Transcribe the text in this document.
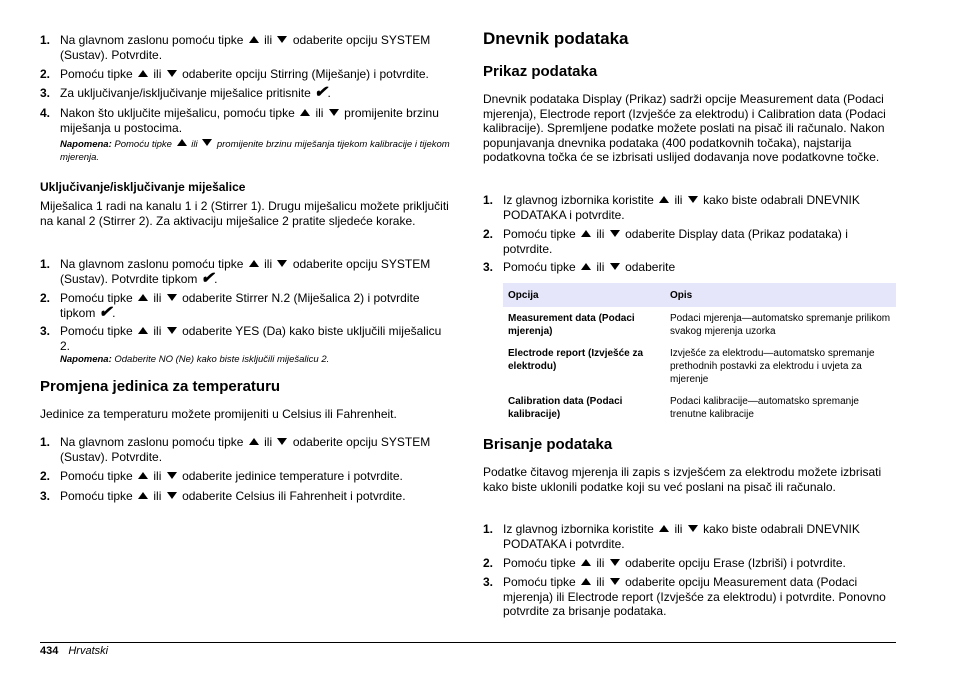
1. Na glavnom zaslonu pomoću tipke ili odaberite opciju SYSTEM (Sustav). Potvrdite.
2. Pomoću tipke ili odaberite opciju Stirring (Miješanje) i potvrdite.
3. Za uključivanje/isključivanje miješalice pritisnite ✔.
4. Nakon što uključite miješalicu, pomoću tipke ili promijenite brzinu miješanja u postocima.
Napomena: Pomoću tipke ili promijenite brzinu miješanja tijekom kalibracije i tijekom mjerenja.
Uključivanje/isključivanje miješalice
Miješalica 1 radi na kanalu 1 i 2 (Stirrer 1). Drugu miješalicu možete priključiti na kanal 2 (Stirrer 2). Za aktivaciju miješalice 2 pratite sljedeće korake.
1. Na glavnom zaslonu pomoću tipke ili odaberite opciju SYSTEM (Sustav). Potvrdite tipkom ✔.
2. Pomoću tipke ili odaberite Stirrer N.2 (Miješalica 2) i potvrdite tipkom ✔.
3. Pomoću tipke ili odaberite YES (Da) kako biste uključili miješalicu 2.
Napomena: Odaberite NO (Ne) kako biste isključili miješalicu 2.
Promjena jedinica za temperaturu
Jedinice za temperaturu možete promijeniti u Celsius ili Fahrenheit.
1. Na glavnom zaslonu pomoću tipke ili odaberite opciju SYSTEM (Sustav). Potvrdite.
2. Pomoću tipke ili odaberite jedinice temperature i potvrdite.
3. Pomoću tipke ili odaberite Celsius ili Fahrenheit i potvrdite.
Dnevnik podataka
Prikaz podataka
Dnevnik podataka Display (Prikaz) sadrži opcije Measurement data (Podaci mjerenja), Electrode report (Izvješće za elektrodu) i Calibration data (Podaci kalibracije). Spremljene podatke možete poslati na pisač ili računalo. Nakon popunjavanja dnevnika podataka (400 podatkovnih točaka), najstarija podatkovna točka će se izbrisati uslijed dodavanja nove podatkovne točke.
1. Iz glavnog izbornika koristite ili kako biste odabrali DNEVNIK PODATAKA i potvrdite.
2. Pomoću tipke ili odaberite Display data (Prikaz podataka) i potvrdite.
3. Pomoću tipke ili odaberite
Opcija	Opis
Measurement data (Podaci mjerenja)	Podaci mjerenja—automatsko spremanje prilikom svakog mjerenja uzorka
Electrode report (Izvješće za elektrodu)	Izvješće za elektrodu—automatsko spremanje prethodnih postavki za elektrodu i uvjeta za mjerenje
Calibration data (Podaci kalibracije)	Podaci kalibracije—automatsko spremanje trenutne kalibracije
Brisanje podataka
Podatke čitavog mjerenja ili zapis s izvješćem za elektrodu možete izbrisati kako biste uklonili podatke koji su već poslani na pisač ili računalo.
1. Iz glavnog izbornika koristite ili kako biste odabrali DNEVNIK PODATAKA i potvrdite.
2. Pomoću tipke ili odaberite opciju Erase (Izbriši) i potvrdite.
3. Pomoću tipke ili odaberite opciju Measurement data (Podaci mjerenja) ili Electrode report (Izvješće za elektrodu) i potvrdite. Ponovno potvrdite za brisanje podataka.
434 Hrvatski
